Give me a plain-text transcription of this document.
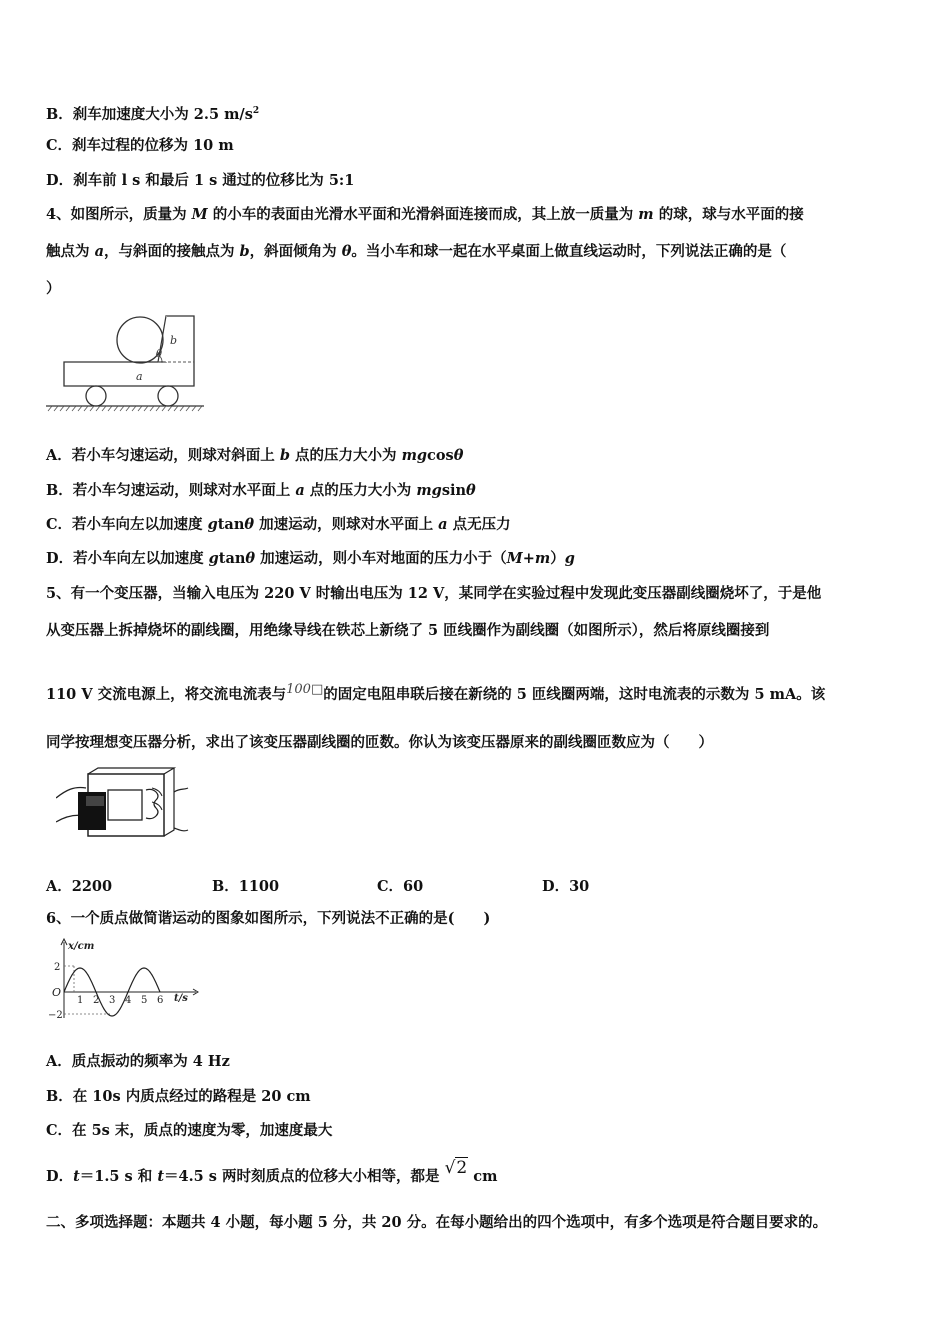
B．刹车加速度大小为 2.5 $m/s^2$
C．刹车过程的位移为 10 m
D．刹车前 l s 和最后 1 s 通过的位移比为 5:1
4、如图所示，质量为 M 的小车的表面由光滑水平面和光滑斜面连接而成，其上放一质量为 m 的球，球与水平面的接
触点为 a，与斜面的接触点为 b，斜面倾角为 θ。当小车和球一起在水平桌面上做直线运动时，下列说法正确的是（
）
b
θ
a
A．若小车匀速运动，则球对斜面上 b 点的压力大小为 mgcosθ
B．若小车匀速运动，则球对水平面上 a 点的压力大小为 mgsinθ
C．若小车向左以加速度 gtanθ 加速运动，则球对水平面上 a 点无压力
D．若小车向左以加速度 gtanθ 加速运动，则小车对地面的压力小于（M+m）g
5、有一个变压器，当输入电压为 220 V 时输出电压为 12 V，某同学在实验过程中发现此变压器副线圈烧坏了，于是他
从变压器上拆掉烧坏的副线圈，用绝缘导线在铁芯上新绕了 5 匝线圈作为副线圈（如图所示），然后将原线圈接到
110 V 交流电源上，将交流电流表与100□的固定电阻串联后接在新绕的 5 匝线圈两端，这时电流表的示数为 5 mA。该
同学按理想变压器分析，求出了该变压器副线圈的匝数。你认为该变压器原来的副线圈匝数应为（　　）
A．2200	B．1100	C．60	D．30
6、一个质点做简谐运动的图象如图所示，下列说法不正确的是(　　)
x/cm
2
−2
O
1 2 3 4 5 6 t/s
A．质点振动的频率为 4 Hz
B．在 10s 内质点经过的路程是 20 cm
C．在 5s 末，质点的速度为零，加速度最大
D．t＝1.5 s 和 t＝4.5 s 两时刻质点的位移大小相等，都是 √2 cm
二、多项选择题：本题共 4 小题，每小题 5 分，共 20 分。在每小题给出的四个选项中，有多个选项是符合题目要求的。
